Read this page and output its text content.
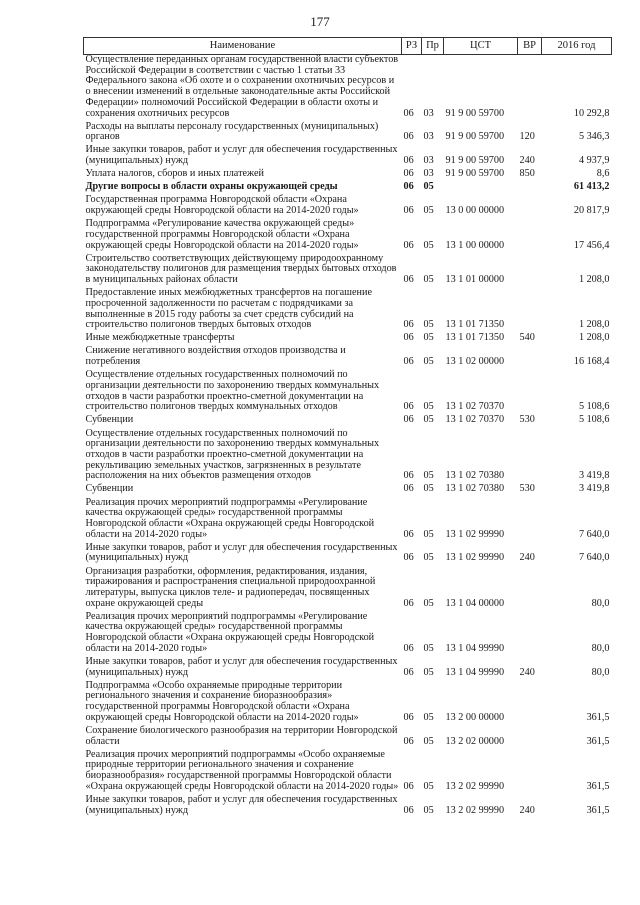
177
Наименование	РЗ	Пр	ЦСТ	ВР	2016 год
Осуществление переданных органам государственной власти субъектов Российской Федерации в соответствии с частью 1 статьи 33 Федерального закона «Об охоте и о сохранении охотничьих ресурсов и о внесении изменений в отдельные законодательные акты Российской Федерации» полномочий Российской Федерации в области охоты и сохранения охотничьих ресурсов	06	03	91 9 00 59700		10 292,8
Расходы на выплаты персоналу государственных (муниципальных) органов	06	03	91 9 00 59700	120	5 346,3
Иные закупки товаров, работ и услуг для обеспечения государственных (муниципальных) нужд	06	03	91 9 00 59700	240	4 937,9
Уплата налогов, сборов и иных платежей	06	03	91 9 00 59700	850	8,6
Другие вопросы в области охраны окружающей среды	06	05			61 413,2
Государственная программа Новгородской области «Охрана окружающей среды Новгородской области на 2014-2020 годы»	06	05	13 0 00 00000		20 817,9
Подпрограмма «Регулирование качества окружающей среды» государственной программы Новгородской области «Охрана окружающей среды Новгородской области на 2014-2020 годы»	06	05	13 1 00 00000		17 456,4
Строительство соответствующих действующему природоохранному законодательству полигонов для размещения твердых бытовых отходов в муниципальных районах области	06	05	13 1 01 00000		1 208,0
Предоставление иных межбюджетных трансфертов на погашение просроченной задолженности по расчетам с подрядчиками за выполненные в 2015 году работы за счет средств субсидий на строительство полигонов твердых бытовых отходов	06	05	13 1 01 71350		1 208,0
Иные межбюджетные трансферты	06	05	13 1 01 71350	540	1 208,0
Снижение негативного воздействия отходов производства и потребления	06	05	13 1 02 00000		16 168,4
Осуществление отдельных государственных полномочий по организации деятельности по захоронению твердых коммунальных отходов в части разработки проектно-сметной документации на строительство полигонов твердых коммунальных отходов	06	05	13 1 02 70370		5 108,6
Субвенции	06	05	13 1 02 70370	530	5 108,6
Осуществление отдельных государственных полномочий по организации деятельности по захоронению твердых коммунальных отходов в части разработки проектно-сметной документации на рекультивацию земельных участков, загрязненных в результате расположения на них объектов размещения отходов	06	05	13 1 02 70380		3 419,8
Субвенции	06	05	13 1 02 70380	530	3 419,8
Реализация прочих мероприятий подпрограммы «Регулирование качества окружающей среды» государственной программы Новгородской области «Охрана окружающей среды Новгородской области на 2014-2020 годы»	06	05	13 1 02 99990		7 640,0
Иные закупки товаров, работ и услуг для обеспечения государственных (муниципальных) нужд	06	05	13 1 02 99990	240	7 640,0
Организация разработки, оформления, редактирования, издания, тиражирования и распространения специальной природоохранной литературы, выпуска циклов теле- и радиопередач, посвященных охране окружающей среды	06	05	13 1 04 00000		80,0
Реализация прочих мероприятий подпрограммы «Регулирование качества окружающей среды» государственной программы Новгородской области «Охрана окружающей среды Новгородской области на 2014-2020 годы»	06	05	13 1 04 99990		80,0
Иные закупки товаров, работ и услуг для обеспечения государственных (муниципальных) нужд	06	05	13 1 04 99990	240	80,0
Подпрограмма «Особо охраняемые природные территории регионального значения и сохранение биоразнообразия» государственной программы Новгородской области «Охрана окружающей среды Новгородской области на 2014-2020 годы»	06	05	13 2 00 00000		361,5
Сохранение биологического разнообразия на территории Новгородской области	06	05	13 2 02 00000		361,5
Реализация прочих мероприятий подпрограммы «Особо охраняемые природные территории регионального значения и сохранение биоразнообразия» государственной программы Новгородской области «Охрана окружающей среды Новгородской области на 2014-2020 годы»	06	05	13 2 02 99990		361,5
Иные закупки товаров, работ и услуг для обеспечения государственных (муниципальных) нужд	06	05	13 2 02 99990	240	361,5
